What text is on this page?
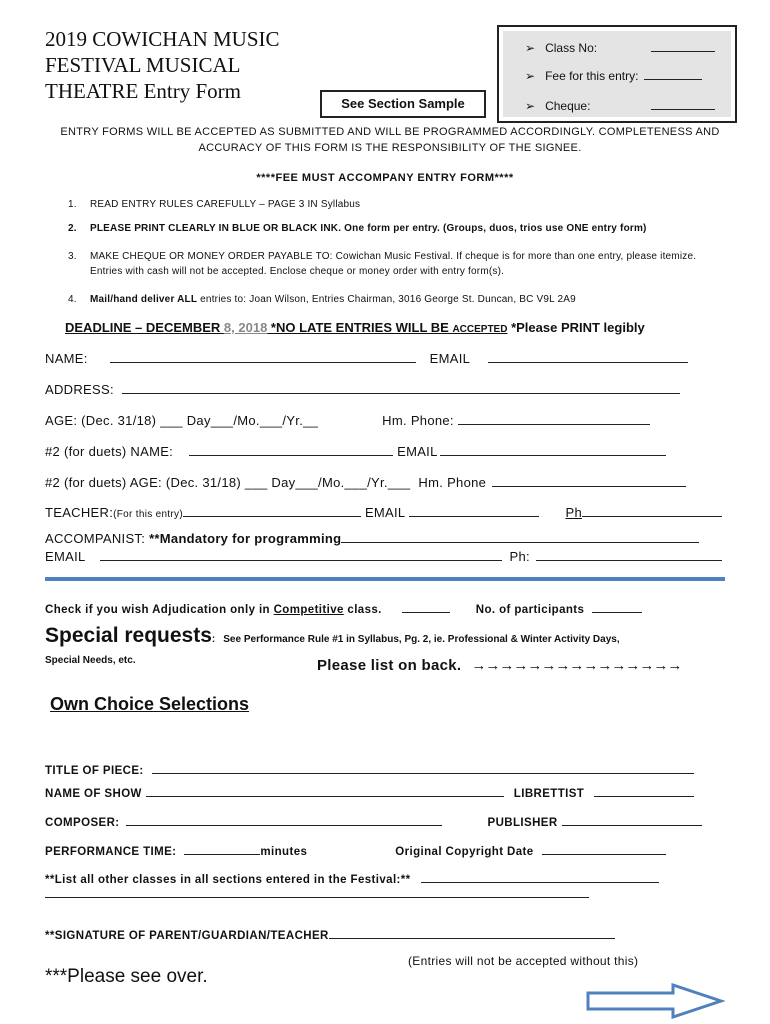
2019 COWICHAN MUSIC
FESTIVAL MUSICAL
THEATRE Entry Form
➢ Class No:
➢ Fee for this entry:
➢ Cheque:
See Section Sample
ENTRY FORMS WILL BE ACCEPTED AS SUBMITTED AND WILL BE PROGRAMMED ACCORDINGLY. COMPLETENESS AND ACCURACY OF THIS FORM IS THE RESPONSIBILITY OF THE SIGNEE.
****FEE MUST ACCOMPANY ENTRY FORM****
1. READ ENTRY RULES CAREFULLY – PAGE 3 IN Syllabus
2. PLEASE PRINT CLEARLY IN BLUE OR BLACK INK. One form per entry. (Groups, duos, trios use ONE entry form)
3. MAKE CHEQUE OR MONEY ORDER PAYABLE TO: Cowichan Music Festival. If cheque is for more than one entry, please itemize.
Entries with cash will not be accepted. Enclose cheque or money order with entry form(s).
4. Mail/hand deliver ALL entries to: Joan Wilson, Entries Chairman, 3016 George St. Duncan, BC V9L 2A9
DEADLINE – DECEMBER 8, 2018 *NO LATE ENTRIES WILL BE ACCEPTED *Please PRINT legibly
NAME:	EMAIL
ADDRESS:
AGE: (Dec. 31/18) ___ Day___/Mo.___/Yr.__	Hm. Phone:
#2 (for duets) NAME:	EMAIL
#2 (for duets) AGE: (Dec. 31/18) ___ Day___/Mo.___/Yr.___ Hm. Phone
TEACHER:(For this entry)	EMAIL	Ph
ACCOMPANIST: **Mandatory for programming
EMAIL	Ph:
Check if you wish Adjudication only in Competitive class.	No. of participants
Special requests: See Performance Rule #1 in Syllabus, Pg. 2, ie. Professional & Winter Activity Days,
Special Needs, etc.	Please list on back. →→→→→→→→→→→→→→→
Own Choice Selections
TITLE OF PIECE:
NAME OF SHOW	LIBRETTIST
COMPOSER:	PUBLISHER
PERFORMANCE TIME:	minutes	Original Copyright Date
**List all other classes in all sections entered in the Festival:**
**SIGNATURE OF PARENT/GUARDIAN/TEACHER
(Entries will not be accepted without this)
***Please see over.
